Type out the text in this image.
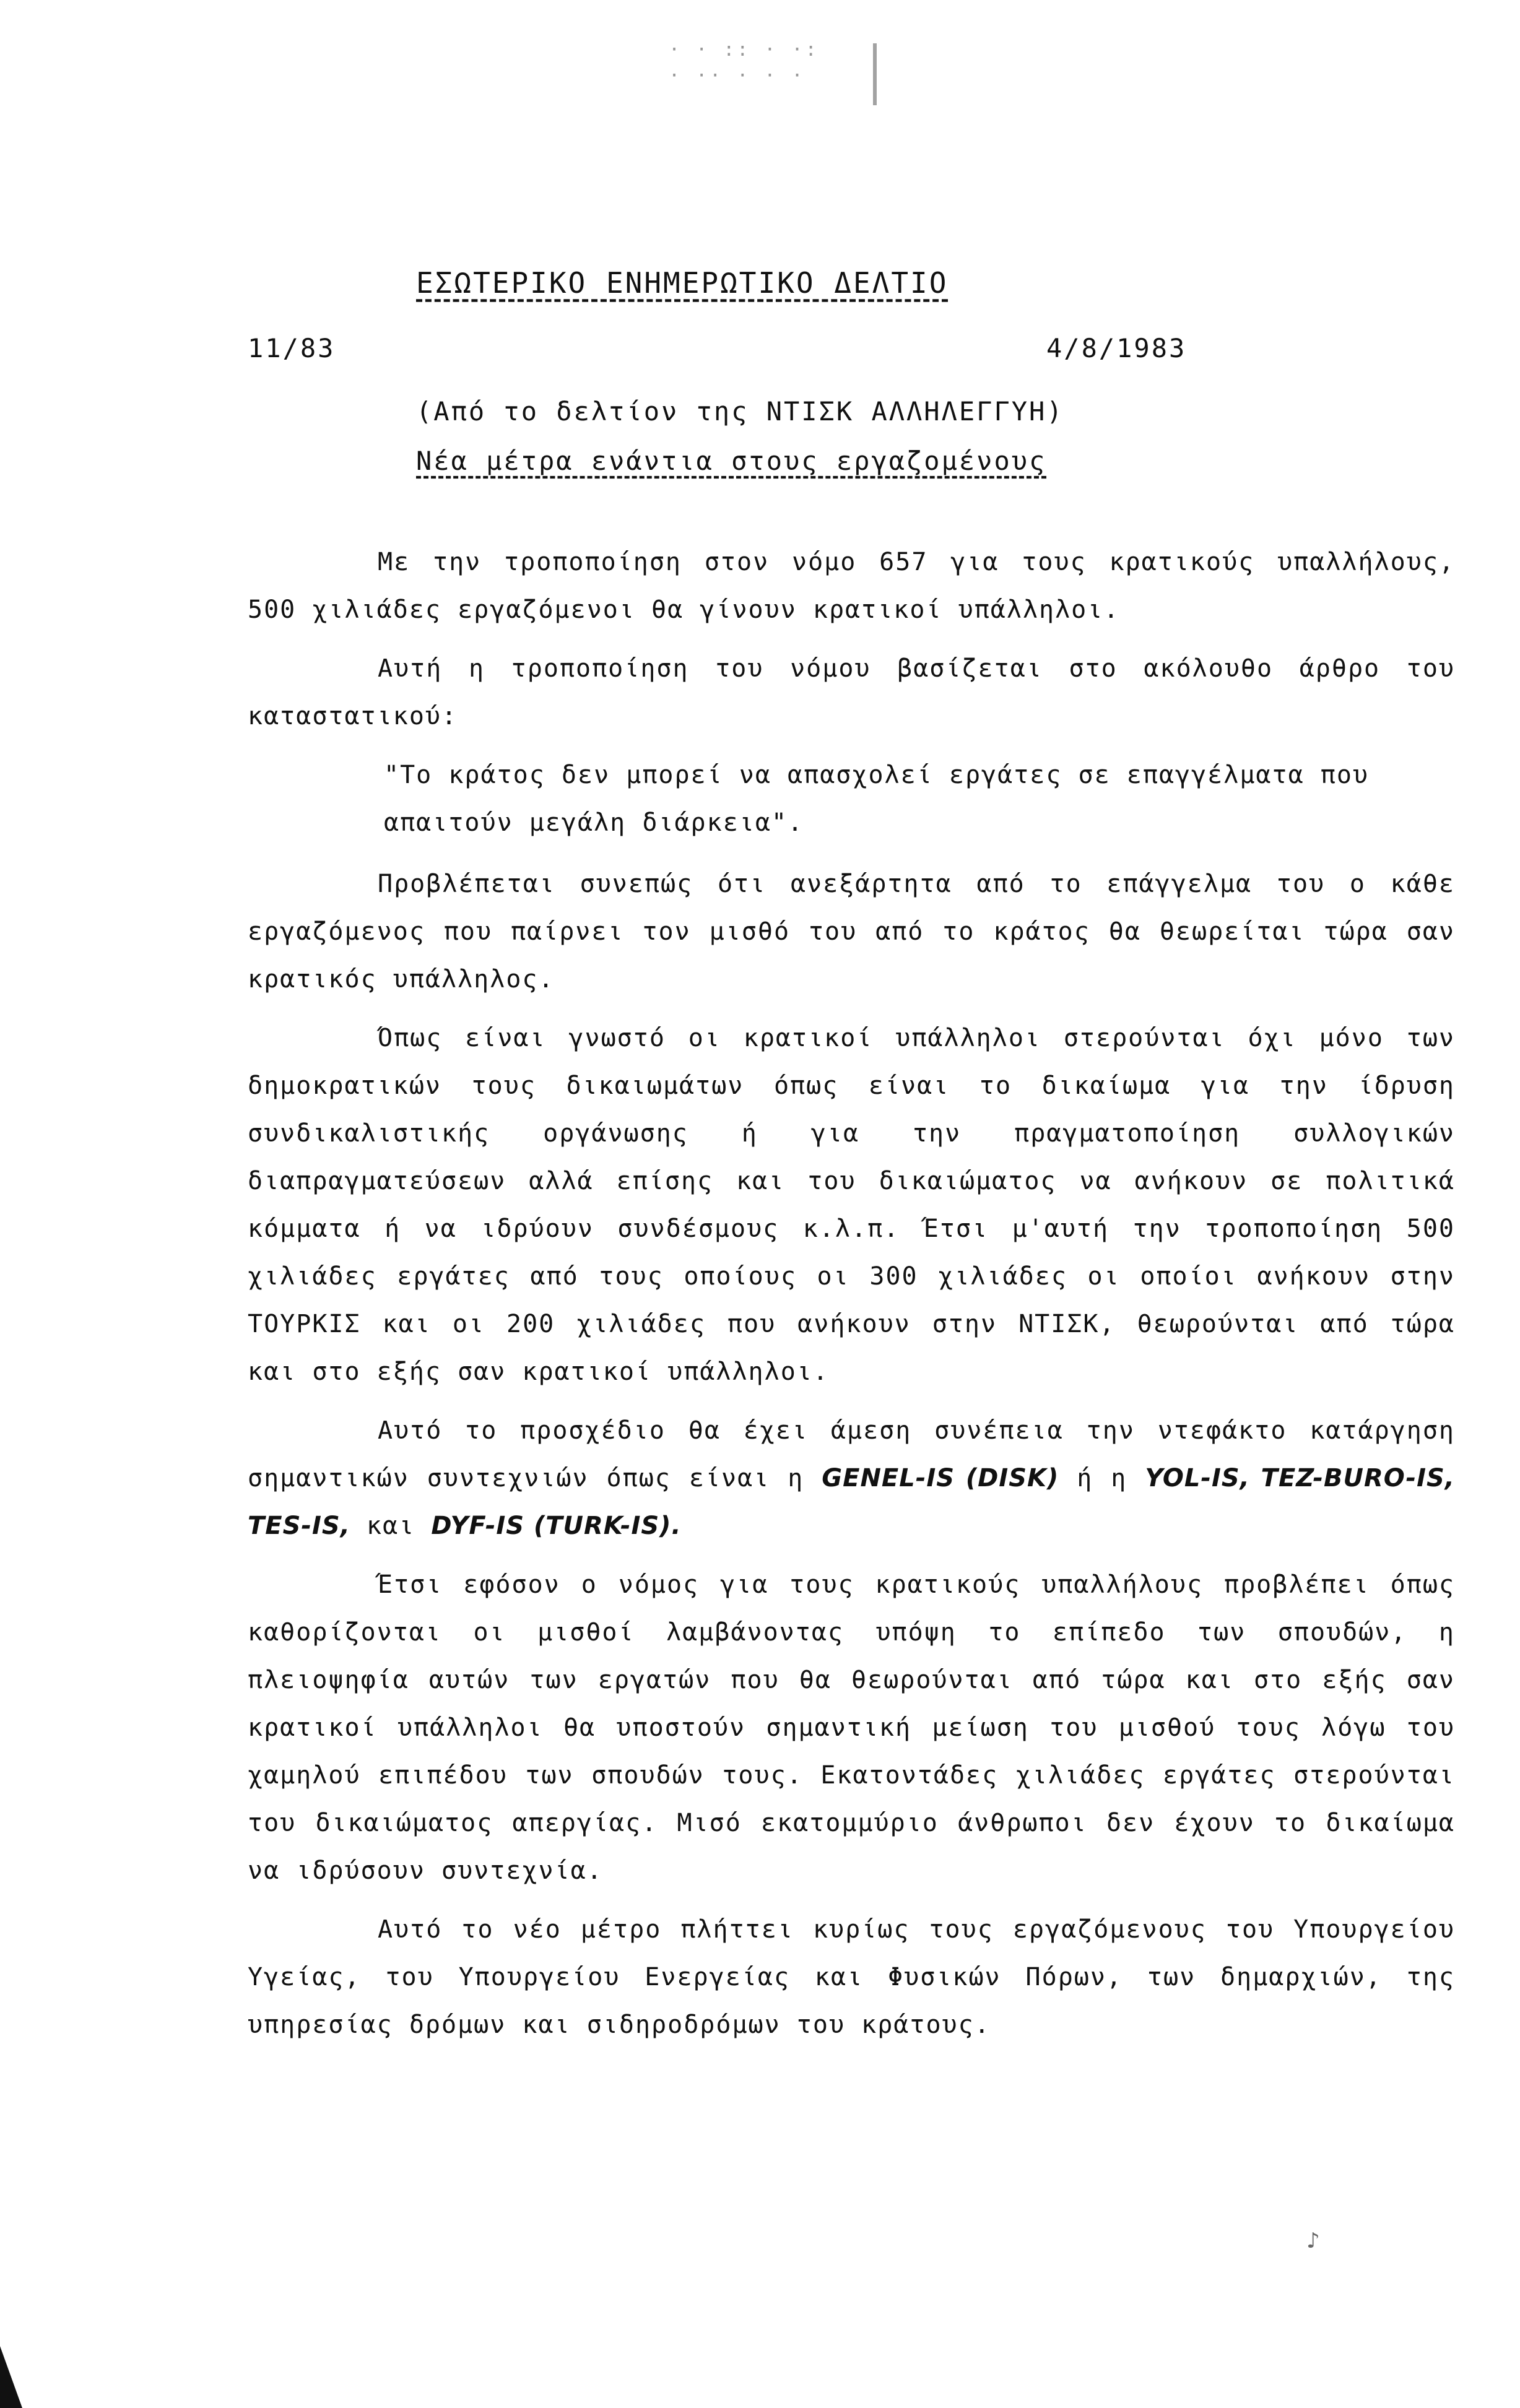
· · :: · ·:
· ·· · · ·
ΕΣΩΤΕΡΙΚΟ ΕΝΗΜΕΡΩΤΙΚΟ ΔΕΛΤΙΟ
11/83	4/8/1983
(Από το δελτίον της ΝΤΙΣΚ ΑΛΛΗΛΕΓΓΥΗ)
Νέα μέτρα ενάντια στους εργαζομένους

Με την τροποποίηση στον νόμο 657 για τους κρατικούς υπαλλήλους, 500 χιλιάδες εργαζόμενοι θα γίνουν κρατικοί υπάλληλοι.

Αυτή η τροποποίηση του νόμου βασίζεται στο ακόλουθο άρθρο του καταστατικού:

"Το κράτος δεν μπορεί να απασχολεί εργάτες σε επαγγέλματα που απαιτούν μεγάλη διάρκεια".

Προβλέπεται συνεπώς ότι ανεξάρτητα από το επάγγελμα του ο κάθε εργαζόμενος που παίρνει τον μισθό του από το κράτος θα θεωρείται τώρα σαν κρατικός υπάλληλος.

Όπως είναι γνωστό οι κρατικοί υπάλληλοι στερούνται όχι μόνο των δημοκρατικών τους δικαιωμάτων όπως είναι το δικαίωμα για την ίδρυση συνδικαλιστικής οργάνωσης ή για την πραγματοποίηση συλλογικών διαπραγματεύσεων αλλά επίσης και του δικαιώματος να ανήκουν σε πολιτικά κόμματα ή να ιδρύουν συνδέσμους κ.λ.π. Έτσι μ'αυτή την τροποποίηση 500 χιλιάδες εργάτες από τους οποίους οι 300 χιλιάδες οι οποίοι ανήκουν στην ΤΟΥΡΚΙΣ και οι 200 χιλιάδες που ανήκουν στην ΝΤΙΣΚ, θεωρούνται από τώρα και στο εξής σαν κρατικοί υπάλληλοι.

Αυτό το προσχέδιο θα έχει άμεση συνέπεια την ντεφάκτο κατάργηση σημαντικών συντεχνιών όπως είναι η GENEL-IS (DISK) ή η YOL-IS, TEZ-BURO-IS, TES-IS, και DYF-IS (TURK-IS).

Έτσι εφόσον ο νόμος για τους κρατικούς υπαλλήλους προβλέπει όπως καθορίζονται οι μισθοί λαμβάνοντας υπόψη το επίπεδο των σπουδών, η πλειοψηφία αυτών των εργατών που θα θεωρούνται από τώρα και στο εξής σαν κρατικοί υπάλληλοι θα υποστούν σημαντική μείωση του μισθού τους λόγω του χαμηλού επιπέδου των σπουδών τους. Εκατοντάδες χιλιάδες εργάτες στερούνται του δικαιώματος απεργίας. Μισό εκατομμύριο άνθρωποι δεν έχουν το δικαίωμα να ιδρύσουν συντεχνία.

Αυτό το νέο μέτρο πλήττει κυρίως τους εργαζόμενους του Υπουργείου Υγείας, του Υπουργείου Ενεργείας και Φυσικών Πόρων, των δημαρχιών, της υπηρεσίας δρόμων και σιδηροδρόμων του κράτους.

♪
